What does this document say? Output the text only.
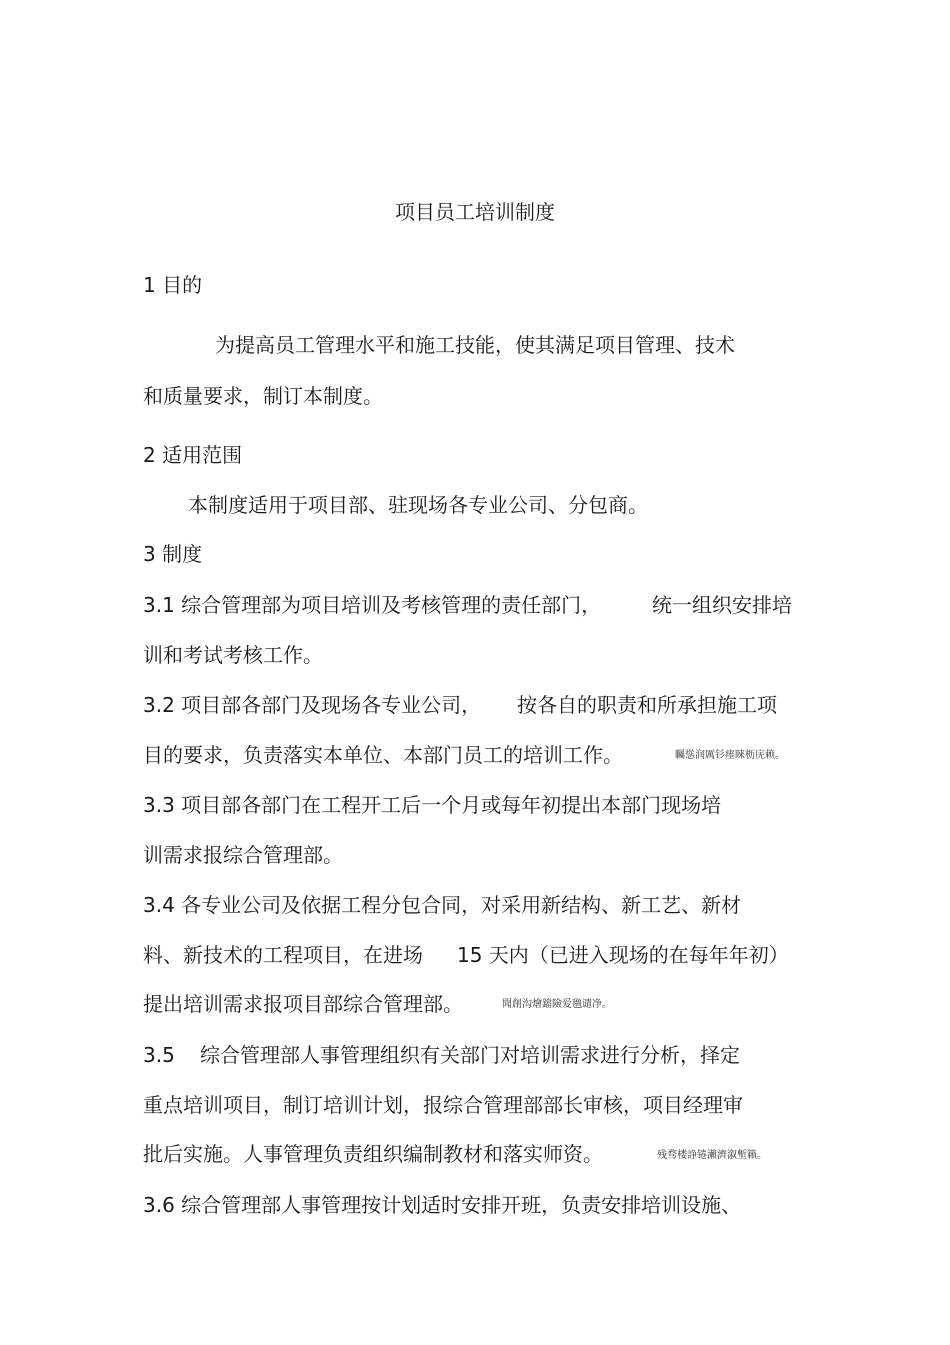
项目员工培训制度
1 目的
为提高员工管理水平和施工技能，使其满足项目管理、技术
和质量要求，制订本制度。
2 适用范围
本制度适用于项目部、驻现场各专业公司、分包商。
3 制度
3.1 综合管理部为项目培训及考核管理的责任部门，	统一组织安排培
训和考试考核工作。
3.2 项目部各部门及现场各专业公司， 按各自的职责和所承担施工项
目的要求，负责落实本单位、本部门员工的培训工作。	矚慫润厲钐瘗睞枥庑赖。
3.3 项目部各部门在工程开工后一个月或每年初提出本部门现场培
训需求报综合管理部。
3.4 各专业公司及依据工程分包合同，对采用新结构、新工艺、新材
料、新技术的工程项目，在进场 15 天内（已进入现场的在每年年初）
提出培训需求报项目部综合管理部。	聞創沟燴鐺險爱氇谴净。
3.5 综合管理部人事管理组织有关部门对培训需求进行分析，择定
重点培训项目，制订培训计划，报综合管理部部长审核，项目经理审
批后实施。人事管理负责组织编制教材和落实师资。	残骛楼諍锩瀨濟溆塹籟。
3.6 综合管理部人事管理按计划适时安排开班，负责安排培训设施、
